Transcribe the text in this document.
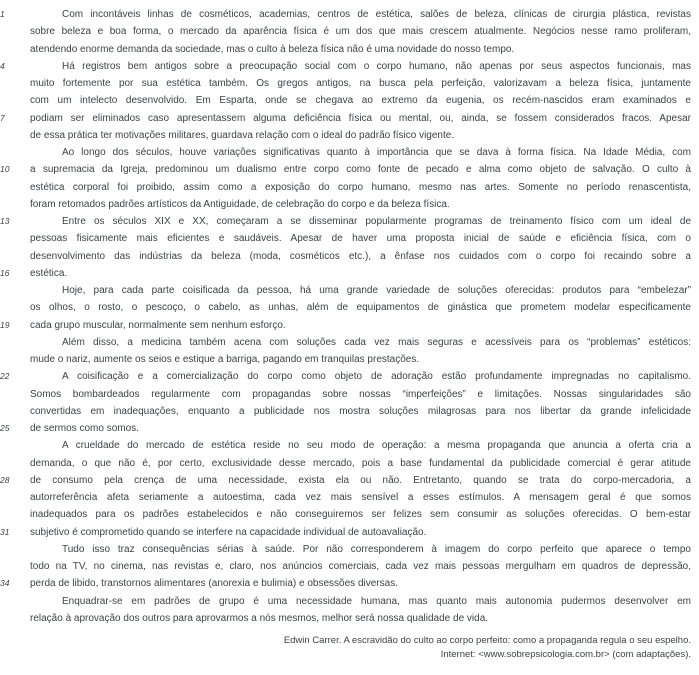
1	Com incontáveis linhas de cosméticos, academias, centros de estética, salões de beleza, clínicas de cirurgia plástica, revistas
sobre beleza e boa forma, o mercado da aparência física é um dos que mais crescem atualmente. Negócios nesse ramo proliferam,
atendendo enorme demanda da sociedade, mas o culto à beleza física não é uma novidade do nosso tempo.
4	Há registros bem antigos sobre a preocupação social com o corpo humano, não apenas por seus aspectos funcionais, mas
muito fortemente por sua estética também. Os gregos antigos, na busca pela perfeição, valorizavam a beleza física, juntamente
com um intelecto desenvolvido. Em Esparta, onde se chegava ao extremo da eugenia, os recém-nascidos eram examinados e
7	podiam ser eliminados caso apresentassem alguma deficiência física ou mental, ou, ainda, se fossem considerados fracos. Apesar
de essa prática ter motivações militares, guardava relação com o ideal do padrão físico vigente.
Ao longo dos séculos, houve variações significativas quanto à importância que se dava à forma física. Na Idade Média, com
10	a supremacia da Igreja, predominou um dualismo entre corpo como fonte de pecado e alma como objeto de salvação. O culto à
estética corporal foi proibido, assim como a exposição do corpo humano, mesmo nas artes. Somente no período renascentista,
foram retomados padrões artísticos da Antiguidade, de celebração do corpo e da beleza física.
13	Entre os séculos XIX e XX, começaram a se disseminar popularmente programas de treinamento físico com um ideal de
pessoas fisicamente mais eficientes e saudáveis. Apesar de haver uma proposta inicial de saúde e eficiência física, com o
desenvolvimento das indústrias da beleza (moda, cosméticos etc.), a ênfase nos cuidados com o corpo foi recaindo sobre a
16	estética.
Hoje, para cada parte coisificada da pessoa, há uma grande variedade de soluções oferecidas: produtos para “embelezar”
os olhos, o rosto, o pescoço, o cabelo, as unhas, além de equipamentos de ginástica que prometem modelar especificamente
19	cada grupo muscular, normalmente sem nenhum esforço.
Além disso, a medicina também acena com soluções cada vez mais seguras e acessíveis para os “problemas” estéticos:
mude o nariz, aumente os seios e estique a barriga, pagando em tranquilas prestações.
22	A coisificação e a comercialização do corpo como objeto de adoração estão profundamente impregnadas no capitalismo.
Somos bombardeados regularmente com propagandas sobre nossas “imperfeições” e limitações. Nossas singularidades são
convertidas em inadequações, enquanto a publicidade nos mostra soluções milagrosas para nos libertar da grande infelicidade
25	de sermos como somos.
A crueldade do mercado de estética reside no seu modo de operação: a mesma propaganda que anuncia a oferta cria a
demanda, o que não é, por certo, exclusividade desse mercado, pois a base fundamental da publicidade comercial é gerar atitude
28	de consumo pela crença de uma necessidade, exista ela ou não. Entretanto, quando se trata do corpo-mercadoria, a
autorreferência afeta seriamente a autoestima, cada vez mais sensível a esses estímulos. A mensagem geral é que somos
inadequados para os padrões estabelecidos e não conseguiremos ser felizes sem consumir as soluções oferecidas. O bem-estar
31	subjetivo é comprometido quando se interfere na capacidade individual de autoavaliação.
Tudo isso traz consequências sérias à saúde. Por não corresponderem à imagem do corpo perfeito que aparece o tempo
todo na TV, no cinema, nas revistas e, claro, nos anúncios comerciais, cada vez mais pessoas mergulham em quadros de depressão,
34	perda de libido, transtornos alimentares (anorexia e bulimia) e obsessões diversas.
Enquadrar-se em padrões de grupo é uma necessidade humana, mas quanto mais autonomia pudermos desenvolver em
relação à aprovação dos outros para aprovarmos a nós mesmos, melhor será nossa qualidade de vida.
Edwin Carrer. A escravidão do culto ao corpo perfeito: como a propaganda regula o seu espelho.
Internet: <www.sobrepsicologia.com.br> (com adaptações).
